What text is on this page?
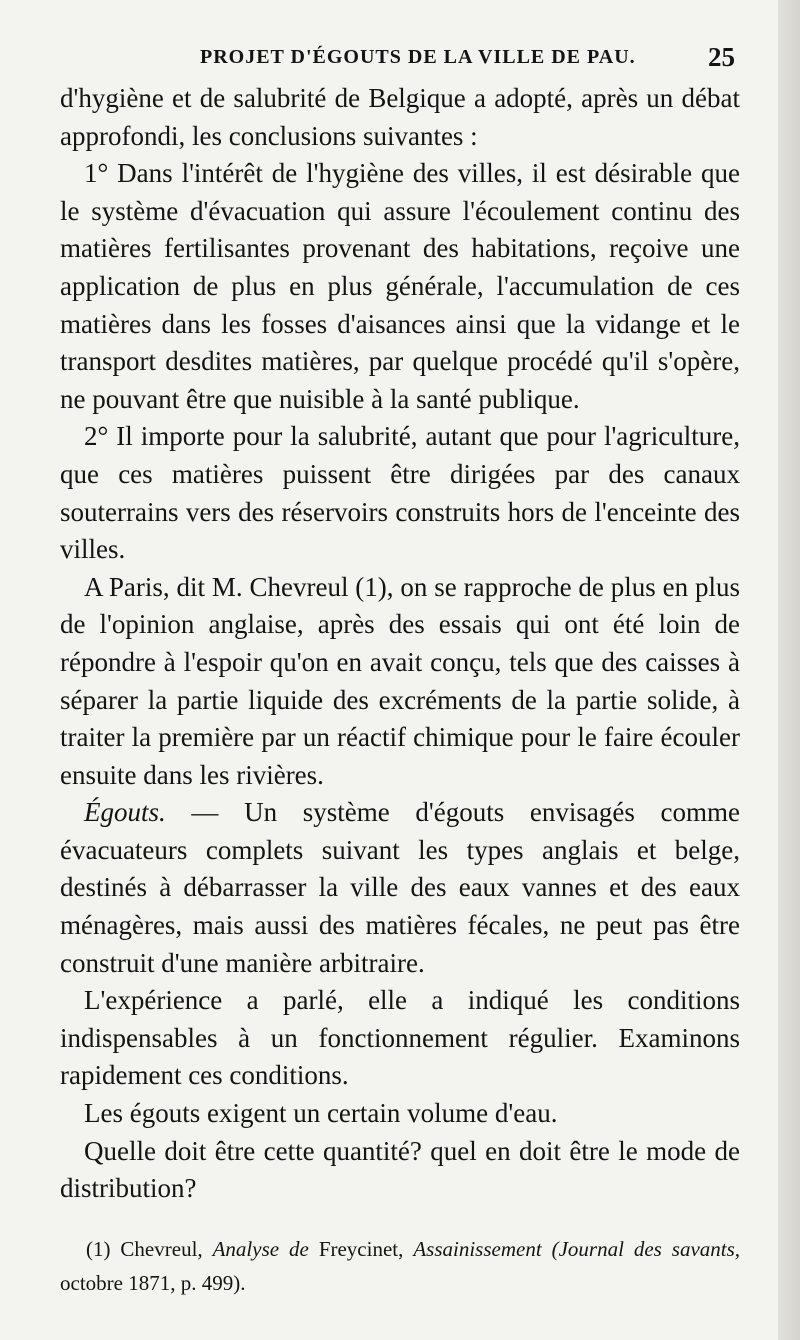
PROJET D'ÉGOUTS DE LA VILLE DE PAU.	25

d'hygiène et de salubrité de Belgique a adopté, après un débat approfondi, les conclusions suivantes :

1° Dans l'intérêt de l'hygiène des villes, il est désirable que le système d'évacuation qui assure l'écoulement continu des matières fertilisantes provenant des habitations, reçoive une application de plus en plus générale, l'accumulation de ces matières dans les fosses d'aisances ainsi que la vidange et le transport desdites matières, par quelque procédé qu'il s'opère, ne pouvant être que nuisible à la santé publique.

2° Il importe pour la salubrité, autant que pour l'agriculture, que ces matières puissent être dirigées par des canaux souterrains vers des réservoirs construits hors de l'enceinte des villes.

A Paris, dit M. Chevreul (1), on se rapproche de plus en plus de l'opinion anglaise, après des essais qui ont été loin de répondre à l'espoir qu'on en avait conçu, tels que des caisses à séparer la partie liquide des excréments de la partie solide, à traiter la première par un réactif chimique pour le faire écouler ensuite dans les rivières.

Égouts. — Un système d'égouts envisagés comme évacuateurs complets suivant les types anglais et belge, destinés à débarrasser la ville des eaux vannes et des eaux ménagères, mais aussi des matières fécales, ne peut pas être construit d'une manière arbitraire.

L'expérience a parlé, elle a indiqué les conditions indispensables à un fonctionnement régulier. Examinons rapidement ces conditions.

Les égouts exigent un certain volume d'eau.

Quelle doit être cette quantité? quel en doit être le mode de distribution?

(1) Chevreul, Analyse de Freycinet, Assainissement (Journal des savants, octobre 1871, p. 499).
